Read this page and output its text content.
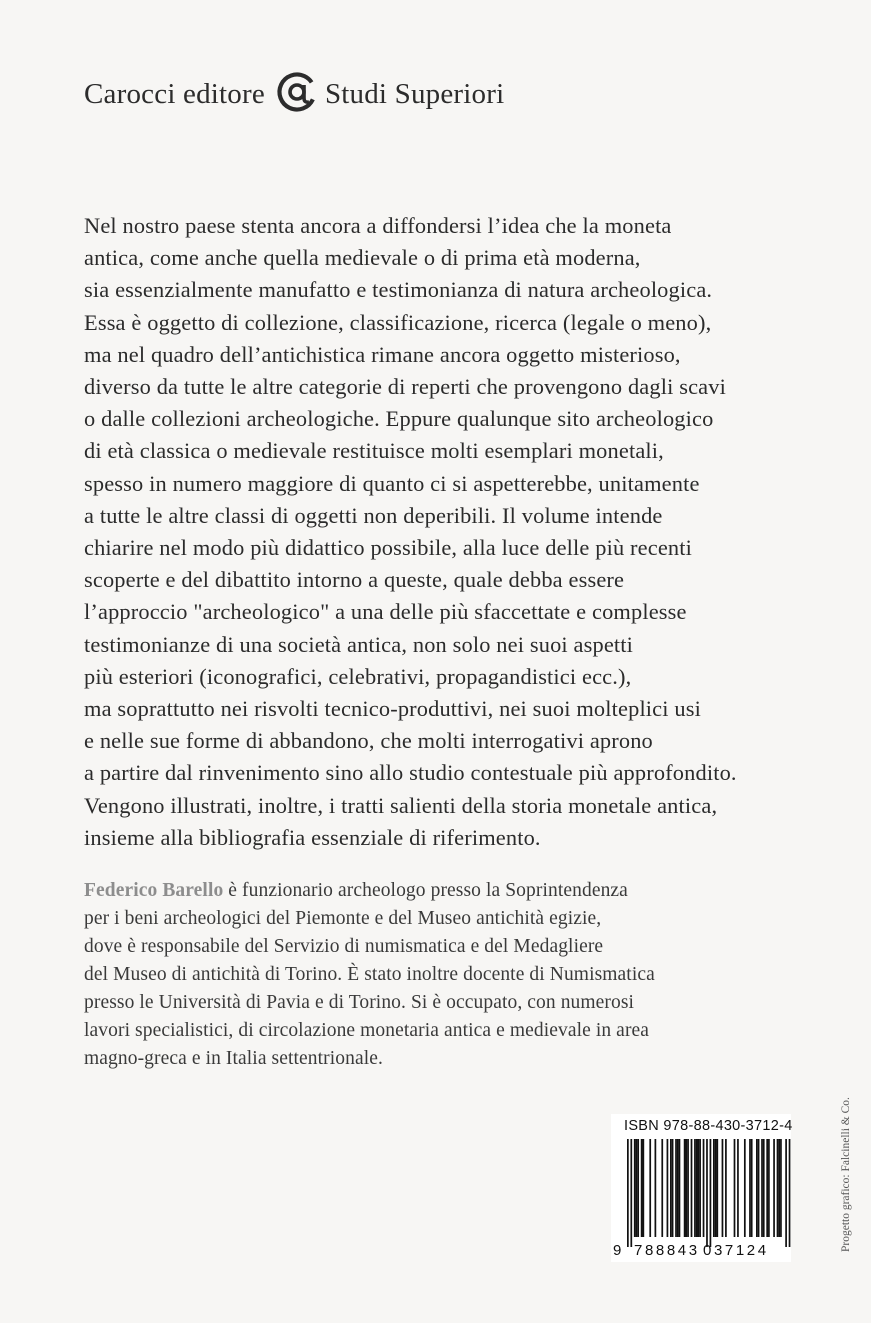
Carocci editore Studi Superiori
Nel nostro paese stenta ancora a diffondersi l’idea che la moneta
antica, come anche quella medievale o di prima età moderna,
sia essenzialmente manufatto e testimonianza di natura archeologica.
Essa è oggetto di collezione, classificazione, ricerca (legale o meno),
ma nel quadro dell’antichistica rimane ancora oggetto misterioso,
diverso da tutte le altre categorie di reperti che provengono dagli scavi
o dalle collezioni archeologiche. Eppure qualunque sito archeologico
di età classica o medievale restituisce molti esemplari monetali,
spesso in numero maggiore di quanto ci si aspetterebbe, unitamente
a tutte le altre classi di oggetti non deperibili. Il volume intende
chiarire nel modo più didattico possibile, alla luce delle più recenti
scoperte e del dibattito intorno a queste, quale debba essere
l’approccio "archeologico" a una delle più sfaccettate e complesse
testimonianze di una società antica, non solo nei suoi aspetti
più esteriori (iconografici, celebrativi, propagandistici ecc.),
ma soprattutto nei risvolti tecnico-produttivi, nei suoi molteplici usi
e nelle sue forme di abbandono, che molti interrogativi aprono
a partire dal rinvenimento sino allo studio contestuale più approfondito.
Vengono illustrati, inoltre, i tratti salienti della storia monetale antica,
insieme alla bibliografia essenziale di riferimento.
Federico Barello è funzionario archeologo presso la Soprintendenza
per i beni archeologici del Piemonte e del Museo antichità egizie,
dove è responsabile del Servizio di numismatica e del Medagliere
del Museo di antichità di Torino. È stato inoltre docente di Numismatica
presso le Università di Pavia e di Torino. Si è occupato, con numerosi
lavori specialistici, di circolazione monetaria antica e medievale in area
magno-greca e in Italia settentrionale.
ISBN 978-88-430-3712-4
9 788843 037124	Progetto grafico: Falcinelli & Co.
